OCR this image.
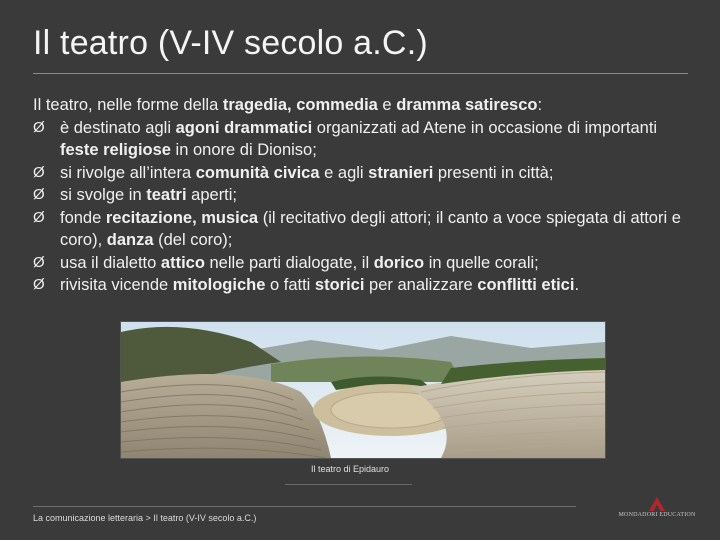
Il teatro (V-IV secolo a.C.)
Il teatro, nelle forme della tragedia, commedia e dramma satiresco:
Ø è destinato agli agoni drammatici organizzati ad Atene in occasione di importanti feste religiose in onore di Dioniso;
Ø si rivolge all’intera comunità civica e agli stranieri presenti in città;
Ø si svolge in teatri aperti;
Ø fonde recitazione, musica (il recitativo degli attori; il canto a voce spiegata di attori e coro), danza (del coro);
Ø usa il dialetto attico nelle parti dialogate, il dorico in quelle corali;
Ø rivisita vicende mitologiche o fatti storici per analizzare conflitti etici.
Il teatro di Epidauro
La comunicazione letteraria > Il teatro (V-IV secolo a.C.)	MONDADORI EDUCATION
